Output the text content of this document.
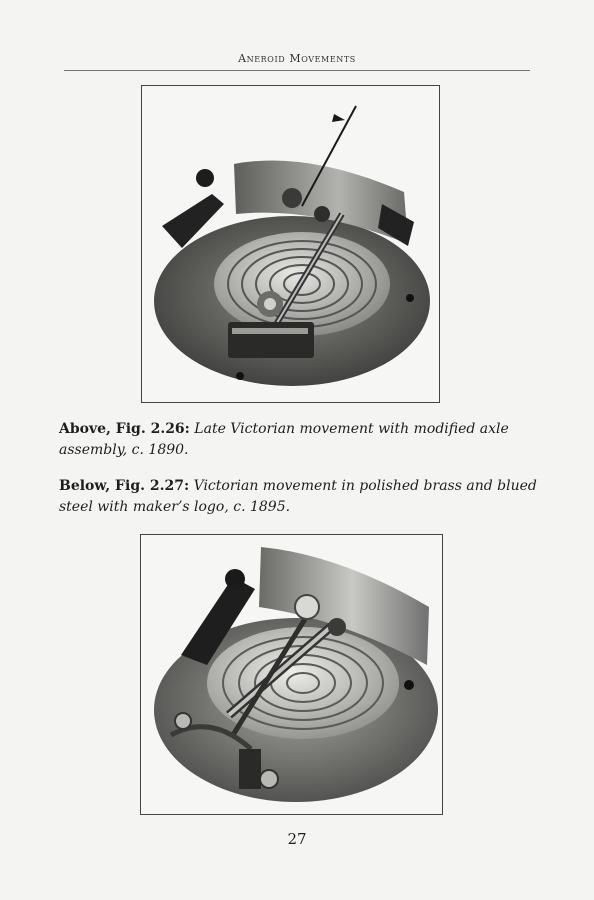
Aneroid Movements

Above, Fig. 2.26: Late Victorian movement with modified axle assembly, c. 1890.

Below, Fig. 2.27: Victorian movement in polished brass and blued steel with maker’s logo, c. 1895.

27
